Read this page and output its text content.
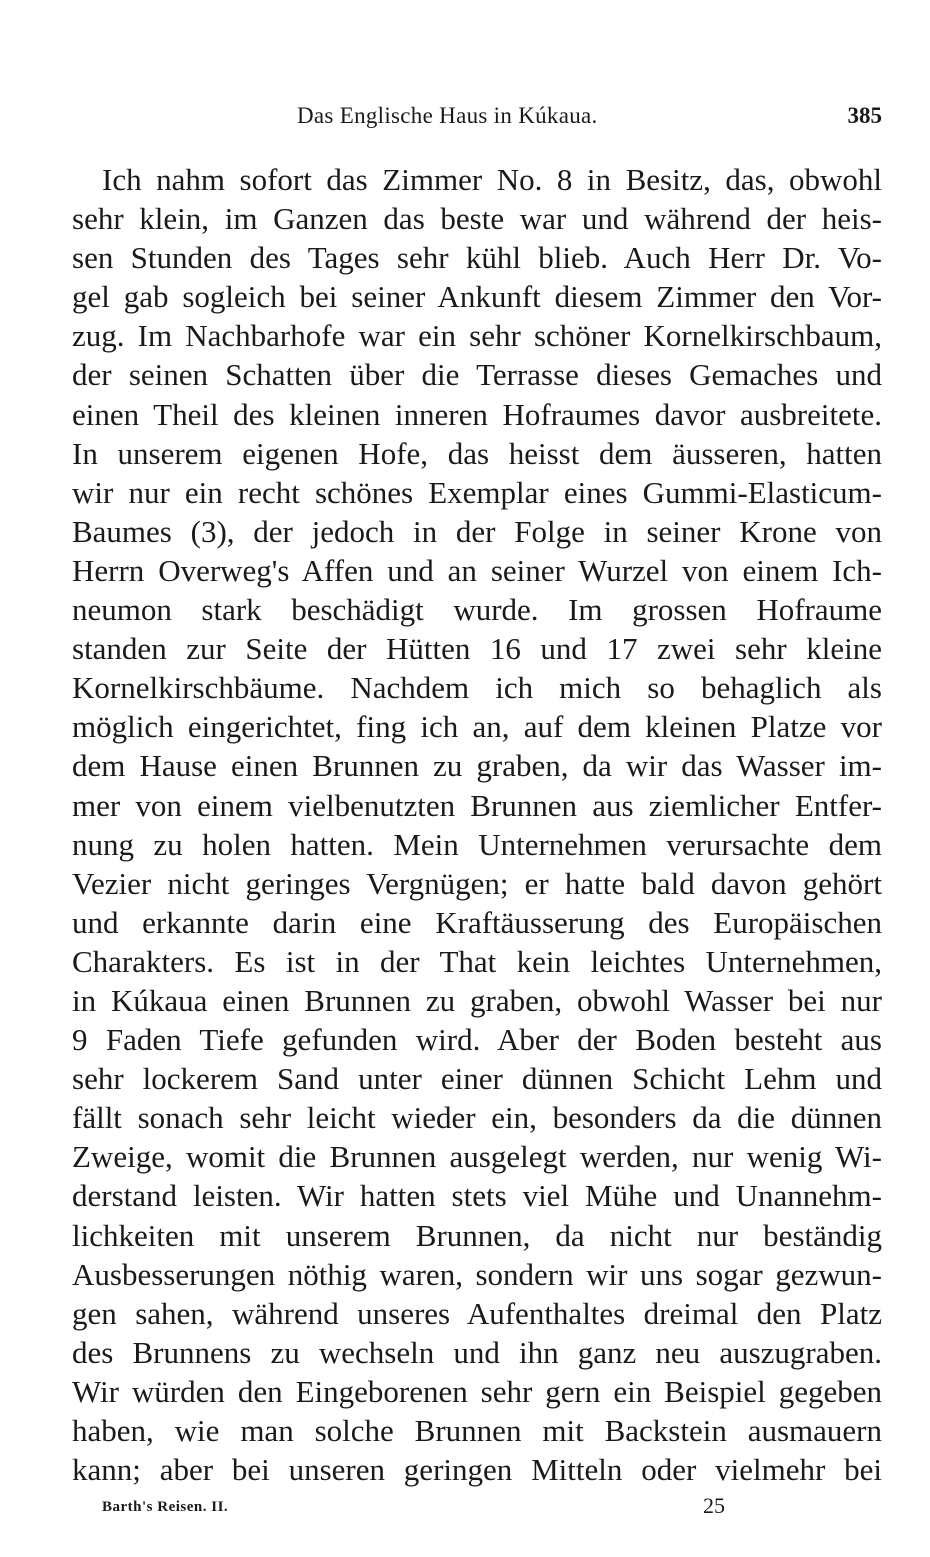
Das Englische Haus in Kúkaua.	385
Ich nahm sofort das Zimmer No. 8 in Besitz, das, obwohl
sehr klein, im Ganzen das beste war und während der heis-
sen Stunden des Tages sehr kühl blieb. Auch Herr Dr. Vo-
gel gab sogleich bei seiner Ankunft diesem Zimmer den Vor-
zug. Im Nachbarhofe war ein sehr schöner Kornelkirschbaum,
der seinen Schatten über die Terrasse dieses Gemaches und
einen Theil des kleinen inneren Hofraumes davor ausbreitete.
In unserem eigenen Hofe, das heisst dem äusseren, hatten
wir nur ein recht schönes Exemplar eines Gummi-Elasticum-
Baumes (3), der jedoch in der Folge in seiner Krone von
Herrn Overweg's Affen und an seiner Wurzel von einem Ich-
neumon stark beschädigt wurde. Im grossen Hofraume
standen zur Seite der Hütten 16 und 17 zwei sehr kleine
Kornelkirschbäume. Nachdem ich mich so behaglich als
möglich eingerichtet, fing ich an, auf dem kleinen Platze vor
dem Hause einen Brunnen zu graben, da wir das Wasser im-
mer von einem vielbenutzten Brunnen aus ziemlicher Entfer-
nung zu holen hatten. Mein Unternehmen verursachte dem
Vezier nicht geringes Vergnügen; er hatte bald davon gehört
und erkannte darin eine Kraftäusserung des Europäischen
Charakters. Es ist in der That kein leichtes Unternehmen,
in Kúkaua einen Brunnen zu graben, obwohl Wasser bei nur
9 Faden Tiefe gefunden wird. Aber der Boden besteht aus
sehr lockerem Sand unter einer dünnen Schicht Lehm und
fällt sonach sehr leicht wieder ein, besonders da die dünnen
Zweige, womit die Brunnen ausgelegt werden, nur wenig Wi-
derstand leisten. Wir hatten stets viel Mühe und Unannehm-
lichkeiten mit unserem Brunnen, da nicht nur beständig
Ausbesserungen nöthig waren, sondern wir uns sogar gezwun-
gen sahen, während unseres Aufenthaltes dreimal den Platz
des Brunnens zu wechseln und ihn ganz neu auszugraben.
Wir würden den Eingeborenen sehr gern ein Beispiel gegeben
haben, wie man solche Brunnen mit Backstein ausmauern
kann; aber bei unseren geringen Mitteln oder vielmehr bei
Barth's Reisen. II.	25
